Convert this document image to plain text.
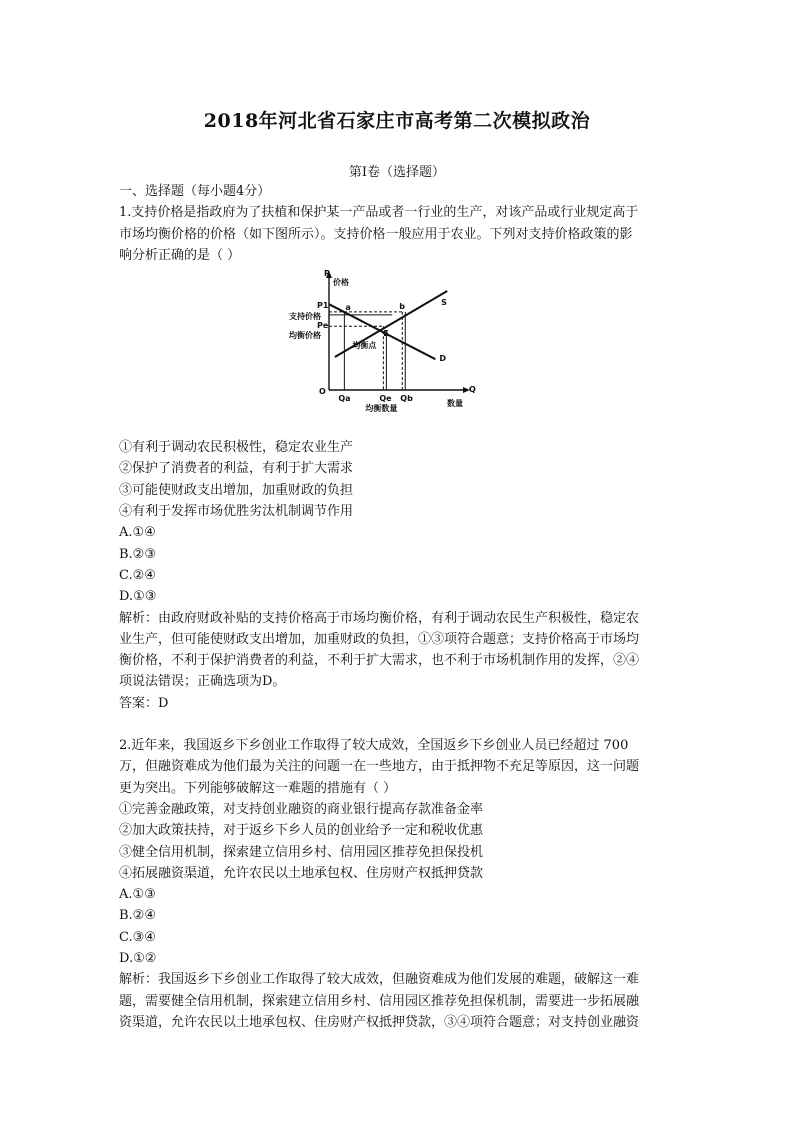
2018年河北省石家庄市高考第二次模拟政治
第Ⅰ卷（选择题）

一、选择题（每小题4分）

1.支持价格是指政府为了扶植和保护某一产品或者一行业的生产，对该产品或行业规定高于

市场均衡价格的价格（如下图所示）。支持价格一般应用于农业。下列对支持价格政策的影

响分析正确的是（ ）

P
价格
Q
数量
O
P1
支持价格
Pe
均衡价格
Qa	Qe Qb
均衡数量
a	b
E
均衡点
S
D

①有利于调动农民积极性，稳定农业生产

②保护了消费者的利益，有利于扩大需求

③可能使财政支出增加，加重财政的负担

④有利于发挥市场优胜劣汰机制调节作用

A.①④

B.②③

C.②④

D.①③

解析：由政府财政补贴的支持价格高于市场均衡价格，有利于调动农民生产积极性，稳定农

业生产，但可能使财政支出增加，加重财政的负担，①③项符合题意；支持价格高于市场均

衡价格，不利于保护消费者的利益，不利于扩大需求，也不利于市场机制作用的发挥，②④

项说法错误；正确选项为D。

答案：D

2.近年来，我国返乡下乡创业工作取得了较大成效，全国返乡下乡创业人员已经超过 700

万，但融资难成为他们最为关注的问题一在一些地方，由于抵押物不充足等原因，这一问题

更为突出。下列能够破解这一难题的措施有（ ）

①完善金融政策，对支持创业融资的商业银行提高存款准备金率

②加大政策扶持，对于返乡下乡人员的创业给予一定和税收优惠

③健全信用机制，探索建立信用乡村、信用园区推荐免担保投机

④拓展融资渠道，允许农民以土地承包权、住房财产权抵押贷款

A.①③

B.②④

C.③④

D.①②

解析：我国返乡下乡创业工作取得了较大成效，但融资难成为他们发展的难题，破解这一难

题，需要健全信用机制，探索建立信用乡村、信用园区推荐免担保机制，需要进一步拓展融

资渠道，允许农民以土地承包权、住房财产权抵押贷款，③④项符合题意；对支持创业融资
